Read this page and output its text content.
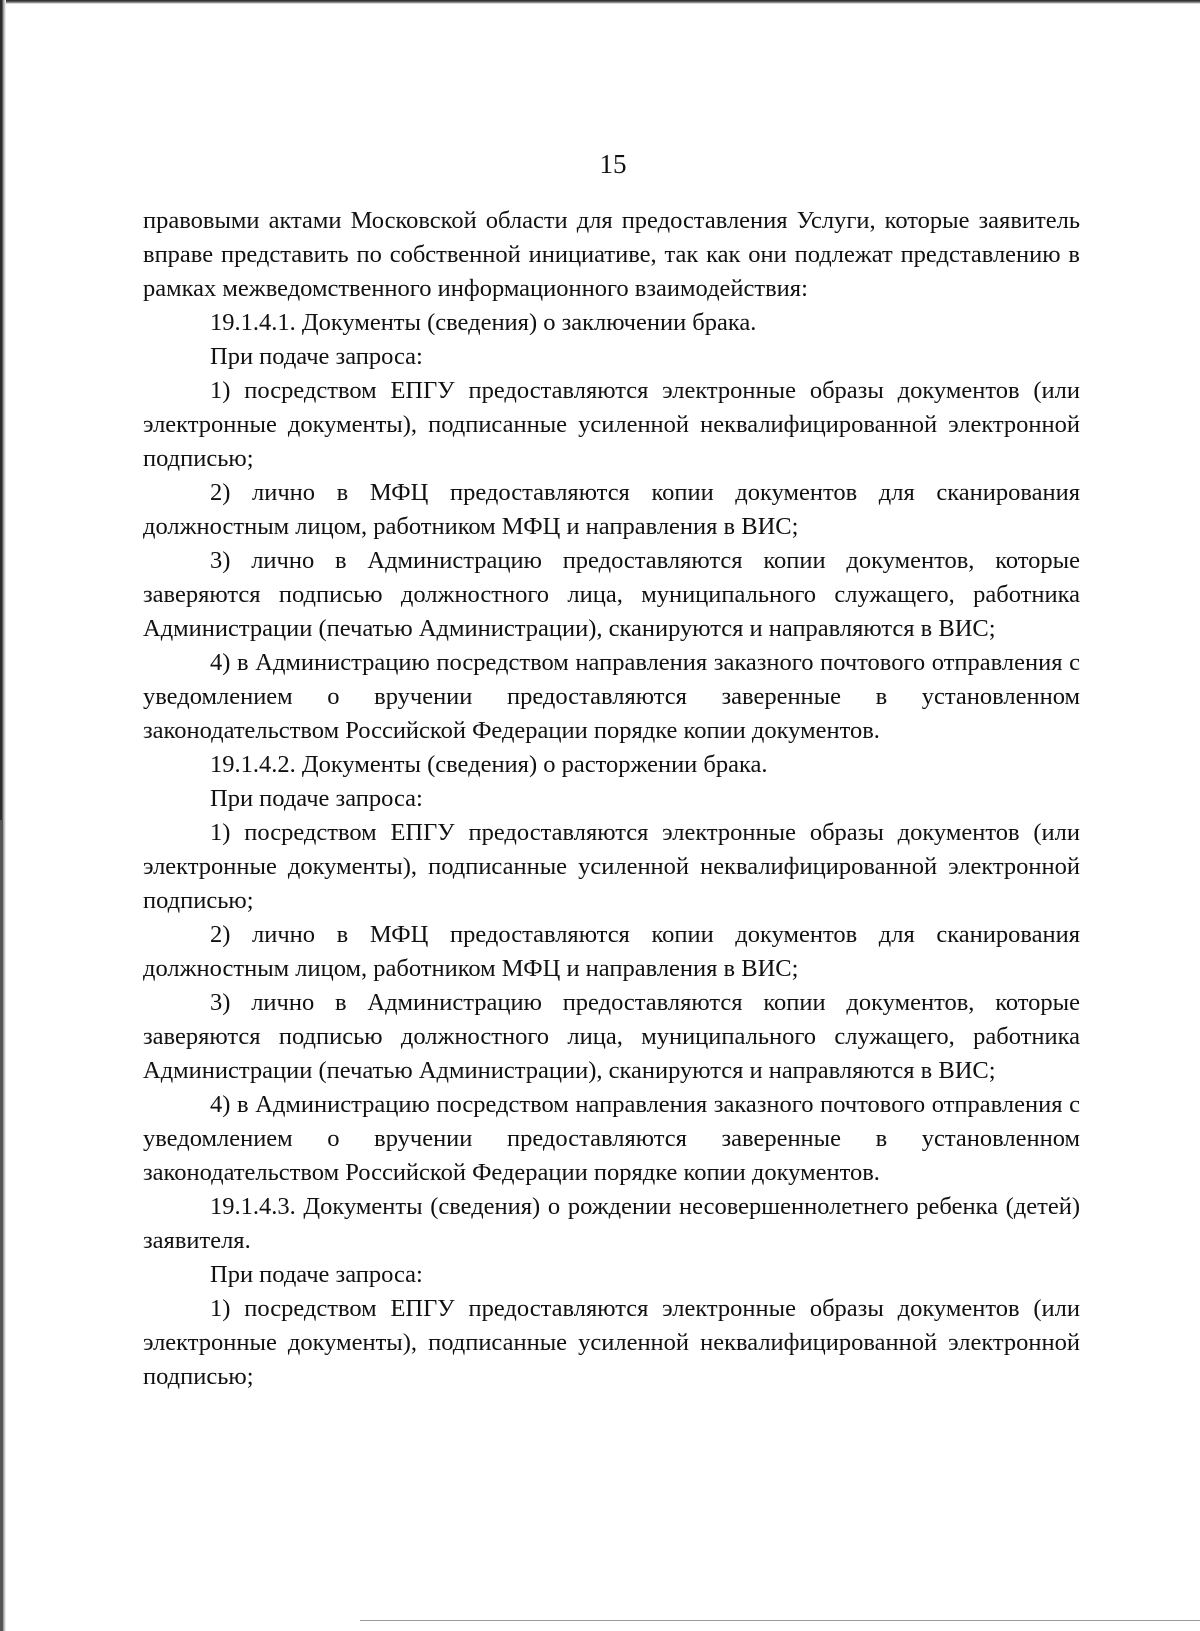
15

правовыми актами Московской области для предоставления Услуги, которые заявитель вправе представить по собственной инициативе, так как они подлежат представлению в рамках межведомственного информационного взаимодействия:

19.1.4.1. Документы (сведения) о заключении брака.

При подаче запроса:

1) посредством ЕПГУ предоставляются электронные образы документов (или электронные документы), подписанные усиленной неквалифицированной электронной подписью;

2) лично в МФЦ предоставляются копии документов для сканирования должностным лицом, работником МФЦ и направления в ВИС;

3) лично в Администрацию предоставляются копии документов, которые заверяются подписью должностного лица, муниципального служащего, работника Администрации (печатью Администрации), сканируются и направляются в ВИС;

4) в Администрацию посредством направления заказного почтового отправления с уведомлением о вручении предоставляются заверенные в установленном законодательством Российской Федерации порядке копии документов.

19.1.4.2. Документы (сведения) о расторжении брака.

При подаче запроса:

1) посредством ЕПГУ предоставляются электронные образы документов (или электронные документы), подписанные усиленной неквалифицированной электронной подписью;

2) лично в МФЦ предоставляются копии документов для сканирования должностным лицом, работником МФЦ и направления в ВИС;

3) лично в Администрацию предоставляются копии документов, которые заверяются подписью должностного лица, муниципального служащего, работника Администрации (печатью Администрации), сканируются и направляются в ВИС;

4) в Администрацию посредством направления заказного почтового отправления с уведомлением о вручении предоставляются заверенные в установленном законодательством Российской Федерации порядке копии документов.

19.1.4.3. Документы (сведения) о рождении несовершеннолетнего ребенка (детей) заявителя.

При подаче запроса:

1) посредством ЕПГУ предоставляются электронные образы документов (или электронные документы), подписанные усиленной неквалифицированной электронной подписью;
